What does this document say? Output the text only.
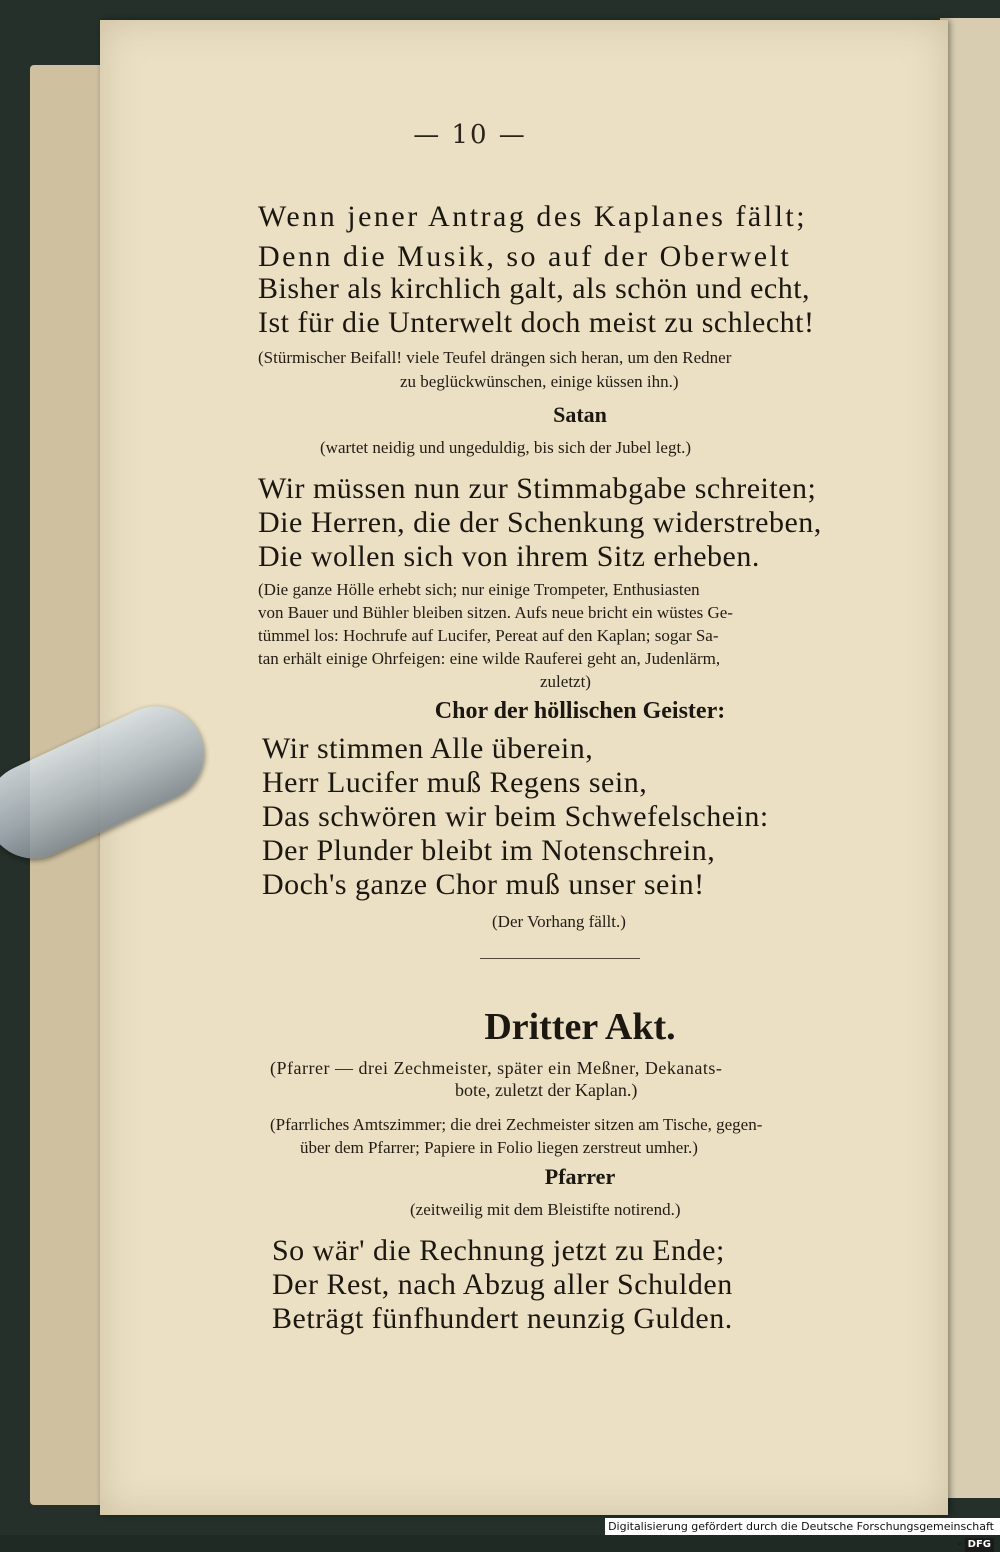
— 10 —
Wenn jener Antrag des Kaplanes fällt;
Denn die Musik, so auf der Oberwelt
Bisher als kirchlich galt, als schön und echt,
Ist für die Unterwelt doch meist zu schlecht!
(Stürmischer Beifall! viele Teufel drängen sich heran, um den Redner
zu beglückwünschen, einige küssen ihn.)
Satan
(wartet neidig und ungeduldig, bis sich der Jubel legt.)
Wir müssen nun zur Stimmabgabe schreiten;
Die Herren, die der Schenkung widerstreben,
Die wollen sich von ihrem Sitz erheben.
(Die ganze Hölle erhebt sich; nur einige Trompeter, Enthusiasten
von Bauer und Bühler bleiben sitzen. Aufs neue bricht ein wüstes Ge-
tümmel los: Hochrufe auf Lucifer, Pereat auf den Kaplan; sogar Sa-
tan erhält einige Ohrfeigen: eine wilde Rauferei geht an, Judenlärm,
zuletzt)
Chor der höllischen Geister:
Wir stimmen Alle überein,
Herr Lucifer muß Regens sein,
Das schwören wir beim Schwefelschein:
Der Plunder bleibt im Notenschrein,
Doch's ganze Chor muß unser sein!
(Der Vorhang fällt.)
Dritter Akt.
(Pfarrer — drei Zechmeister, später ein Meßner, Dekanats-
bote, zuletzt der Kaplan.)
(Pfarrliches Amtszimmer; die drei Zechmeister sitzen am Tische, gegen-
über dem Pfarrer; Papiere in Folio liegen zerstreut umher.)
Pfarrer
(zeitweilig mit dem Bleistifte notirend.)
So wär' die Rechnung jetzt zu Ende;
Der Rest, nach Abzug aller Schulden
Beträgt fünfhundert neunzig Gulden.
Digitalisierung gefördert durch die Deutsche Forschungsgemeinschaft - DFG
